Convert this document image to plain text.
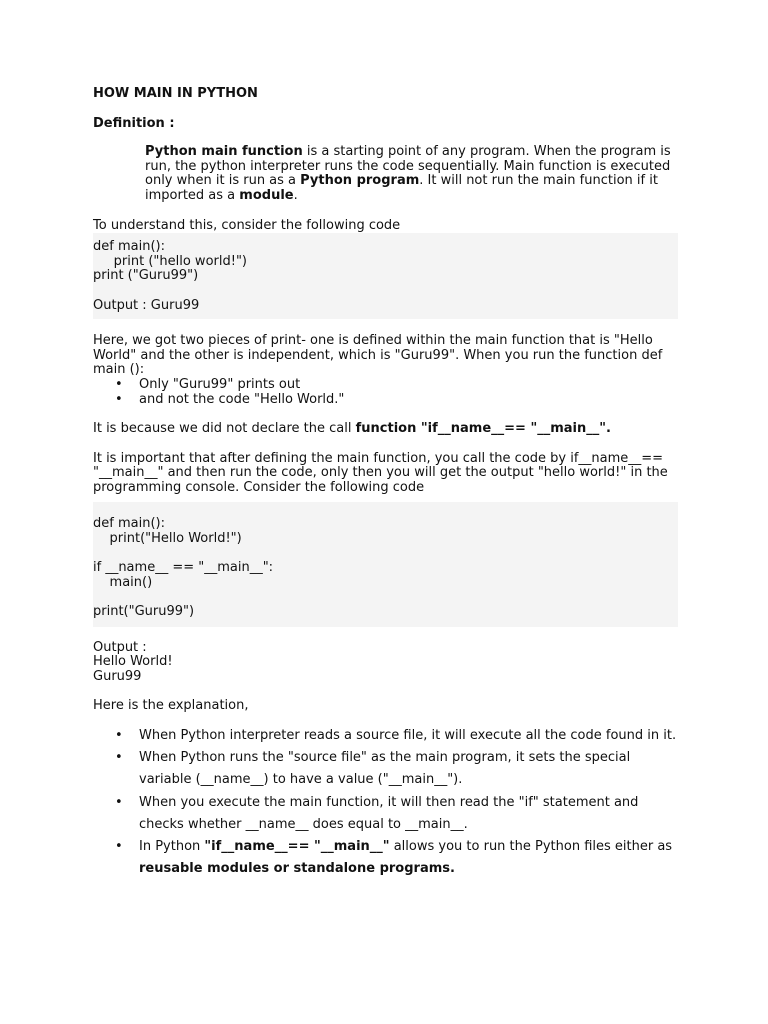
HOW MAIN IN PYTHON
Definition :
Python main function is a starting point of any program. When the program is run, the python interpreter runs the code sequentially. Main function is executed only when it is run as a Python program. It will not run the main function if it imported as a module.
To understand this, consider the following code
def main():
print ("hello world!")
print ("Guru99")
Output : Guru99
Here, we got two pieces of print- one is defined within the main function that is "Hello World" and the other is independent, which is "Guru99". When you run the function def main ():
• Only "Guru99" prints out
• and not the code "Hello World."
It is because we did not declare the call function "if__name__== "__main__".
It is important that after defining the main function, you call the code by if__name__== "__main__" and then run the code, only then you will get the output "hello world!" in the programming console. Consider the following code
def main():
print("Hello World!")
if __name__ == "__main__":
main()
print("Guru99")
Output :
Hello World!
Guru99
Here is the explanation,
• When Python interpreter reads a source file, it will execute all the code found in it.
• When Python runs the "source file" as the main program, it sets the special variable (__name__) to have a value ("__main__").
• When you execute the main function, it will then read the "if" statement and checks whether __name__ does equal to __main__.
• In Python "if__name__== "__main__" allows you to run the Python files either as reusable modules or standalone programs.
